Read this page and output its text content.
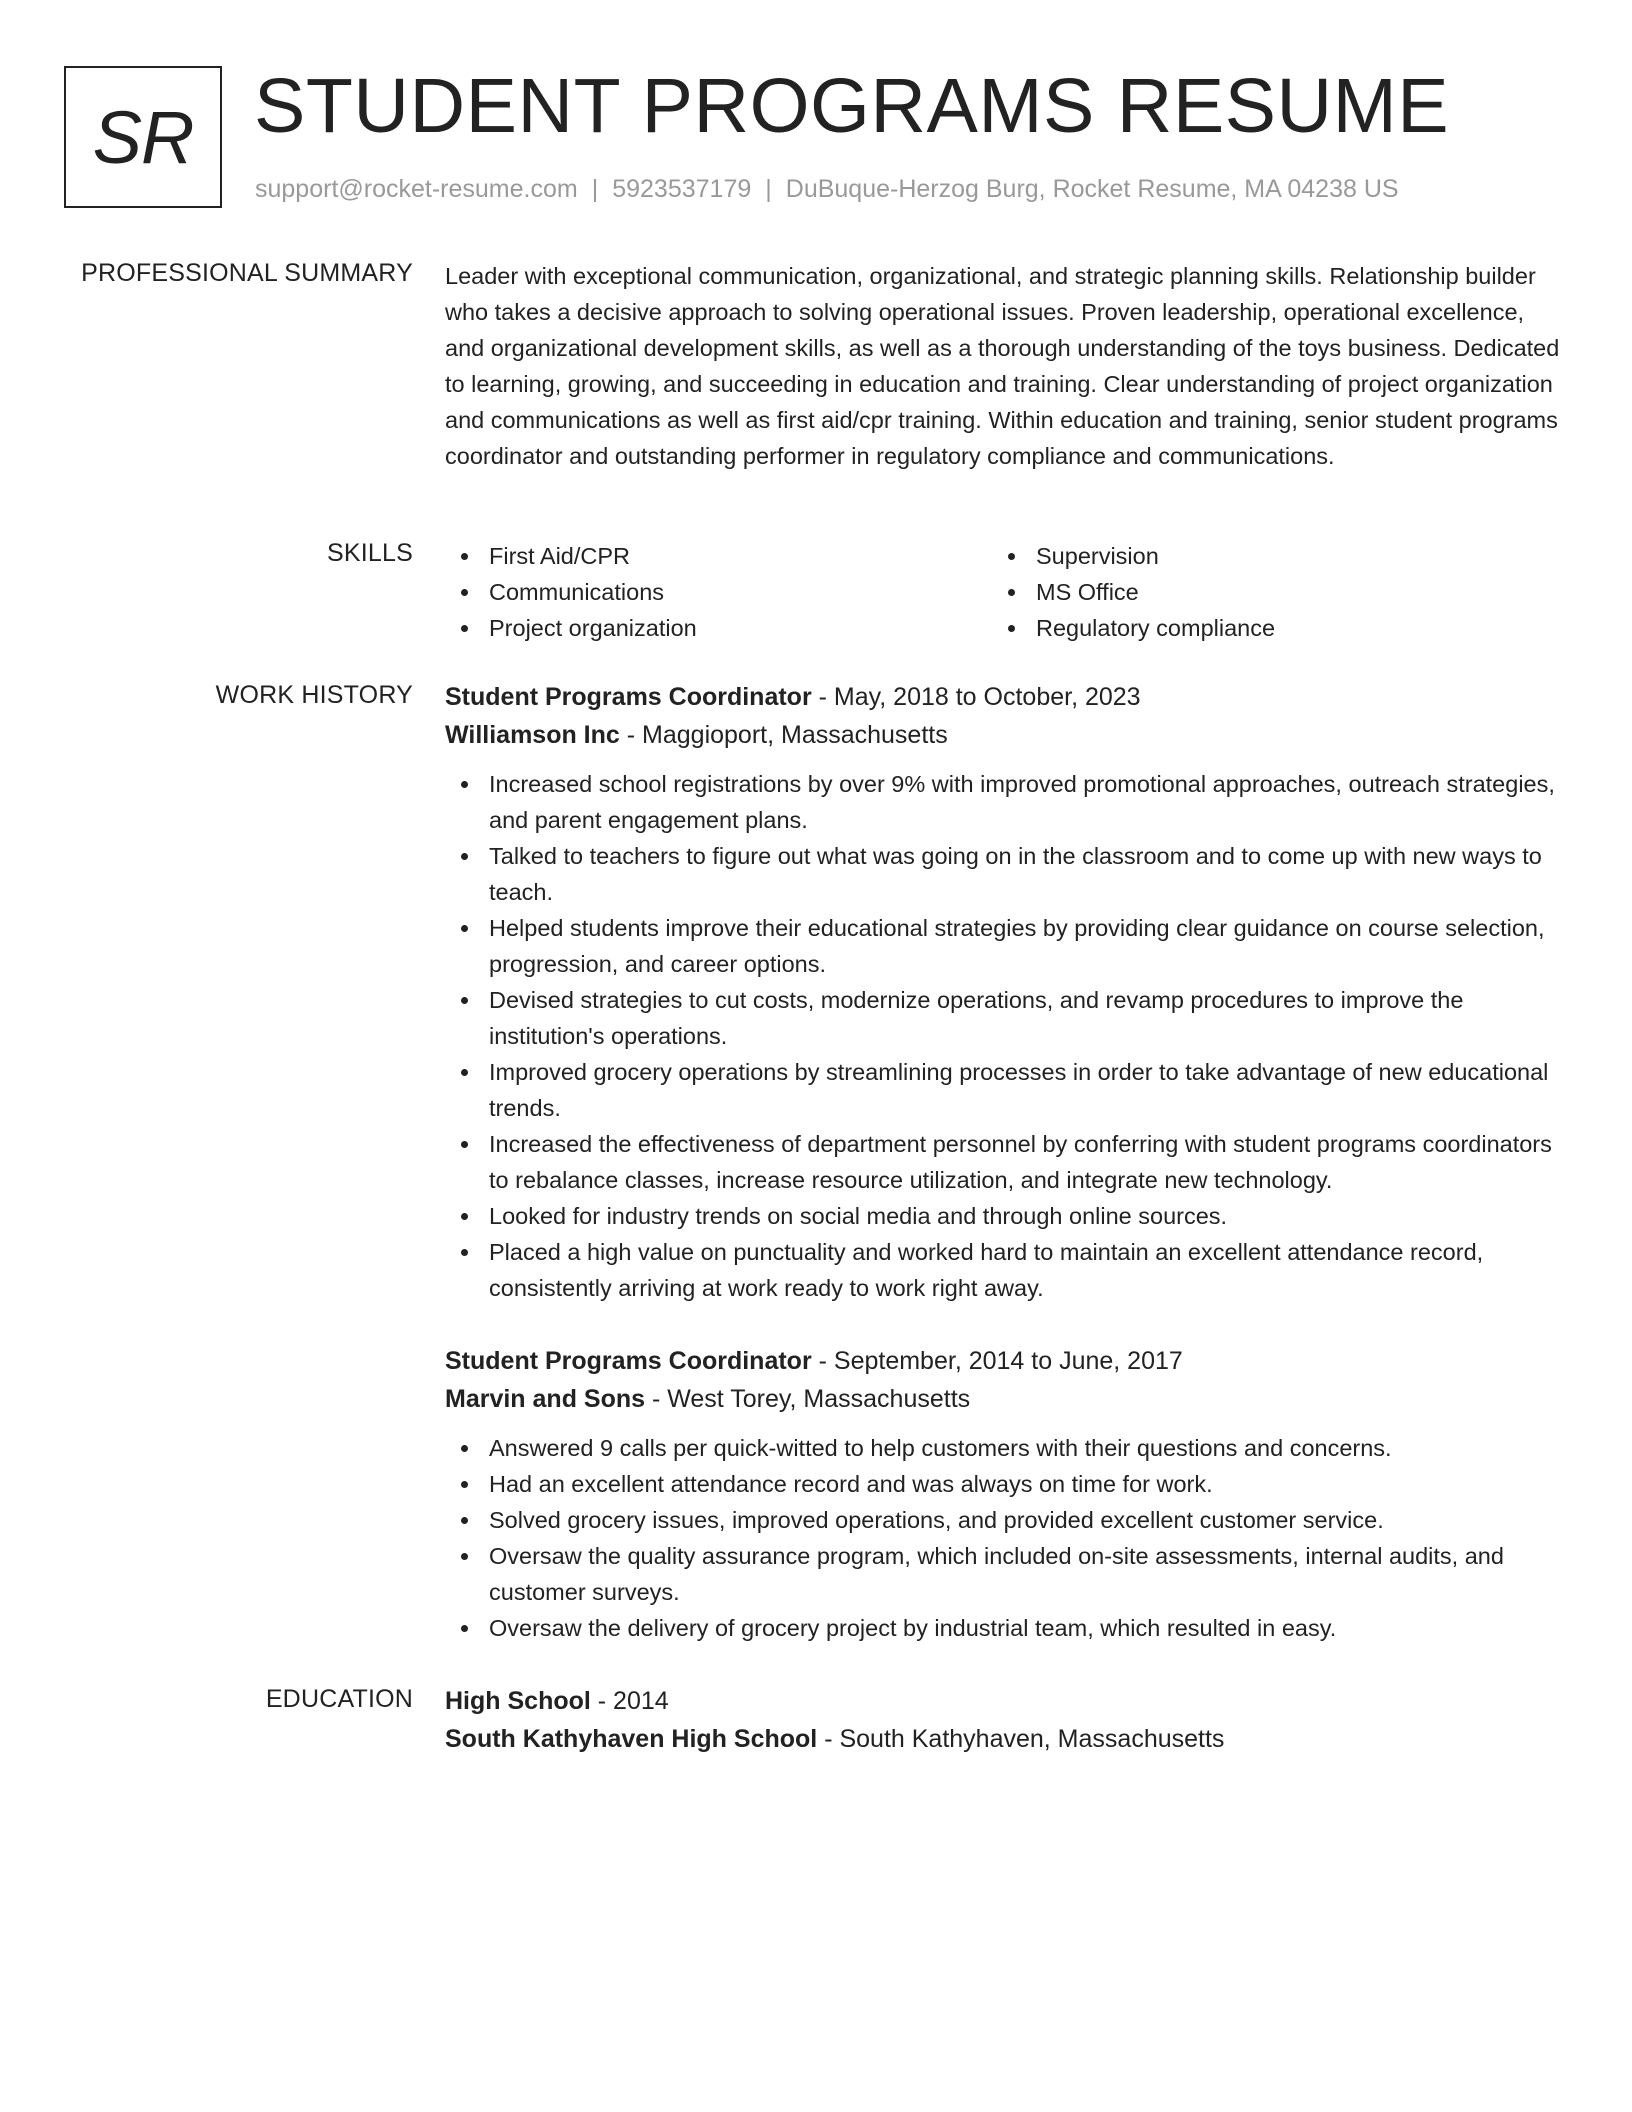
SR STUDENT PROGRAMS RESUME
support@rocket-resume.com | 5923537179 | DuBuque-Herzog Burg, Rocket Resume, MA 04238 US
PROFESSIONAL SUMMARY Leader with exceptional communication, organizational, and strategic planning skills. Relationship builder who takes a decisive approach to solving operational issues. Proven leadership, operational excellence, and organizational development skills, as well as a thorough understanding of the toys business. Dedicated to learning, growing, and succeeding in education and training. Clear understanding of project organization and communications as well as first aid/cpr training. Within education and training, senior student programs coordinator and outstanding performer in regulatory compliance and communications.

SKILLS	First Aid/CPR
Communications
Project organization
Supervision
MS Office
Regulatory compliance
WORK HISTORY Student Programs Coordinator - May, 2018 to October, 2023
Williamson Inc - Maggioport, Massachusetts
Increased school registrations by over 9% with improved promotional approaches, outreach strategies, and parent engagement plans.
Talked to teachers to figure out what was going on in the classroom and to come up with new ways to teach.
Helped students improve their educational strategies by providing clear guidance on course selection, progression, and career options.
Devised strategies to cut costs, modernize operations, and revamp procedures to improve the institution's operations.
Improved grocery operations by streamlining processes in order to take advantage of new educational trends.
Increased the effectiveness of department personnel by conferring with student programs coordinators to rebalance classes, increase resource utilization, and integrate new technology.
Looked for industry trends on social media and through online sources.
Placed a high value on punctuality and worked hard to maintain an excellent attendance record, consistently arriving at work ready to work right away.
Student Programs Coordinator - September, 2014 to June, 2017
Marvin and Sons - West Torey, Massachusetts
Answered 9 calls per quick-witted to help customers with their questions and concerns.
Had an excellent attendance record and was always on time for work.
Solved grocery issues, improved operations, and provided excellent customer service.
Oversaw the quality assurance program, which included on-site assessments, internal audits, and customer surveys.
Oversaw the delivery of grocery project by industrial team, which resulted in easy.
EDUCATION High School - 2014
South Kathyhaven High School - South Kathyhaven, Massachusetts
